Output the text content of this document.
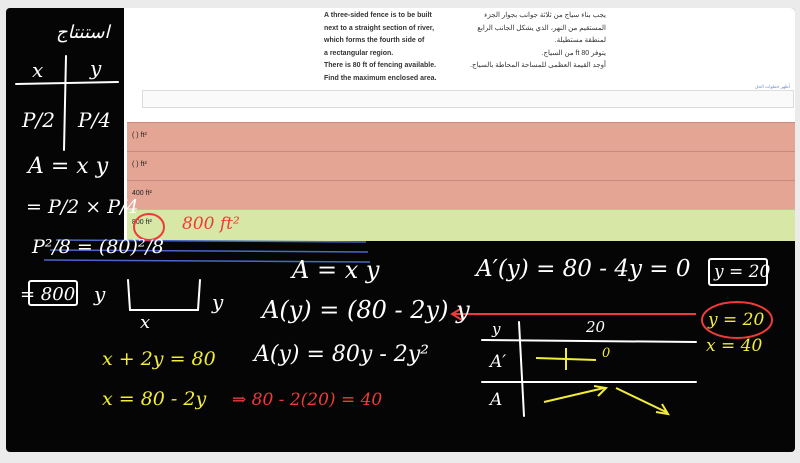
A three-sided fence is to be built
next to a straight section of river,
which forms the fourth side of
a rectangular region.
There is 80 ft of fencing available.
Find the maximum enclosed area.
يجب بناء سياج من ثلاثة جوانب بجوار الجزء
المستقيم من النهر، الذي يشكل الجانب الرابع
لمنطقة مستطيلة.
يتوفر 80 ft من السياج.
أوجد القيمة العظمى للمساحة المحاطة بالسياج.
أظهر خطوات الحل
( ) ft²
( ) ft²
400 ft²
800 ft²
استنتاج
x y
P/2 P/4
A = x y
= P/2 × P/4
P²/8 = (80)²/8
= 800 y	y
x
800 ft²
A = x y
A(y) = (80 - 2y) y
A(y) = 80y - 2y²
A′(y) = 80 - 4y = 0 y = 20
y = 20
x = 40
x + 2y = 80
x = 80 - 2y ⇒ 80 - 2(20) = 40
y	20
A′
A
0
